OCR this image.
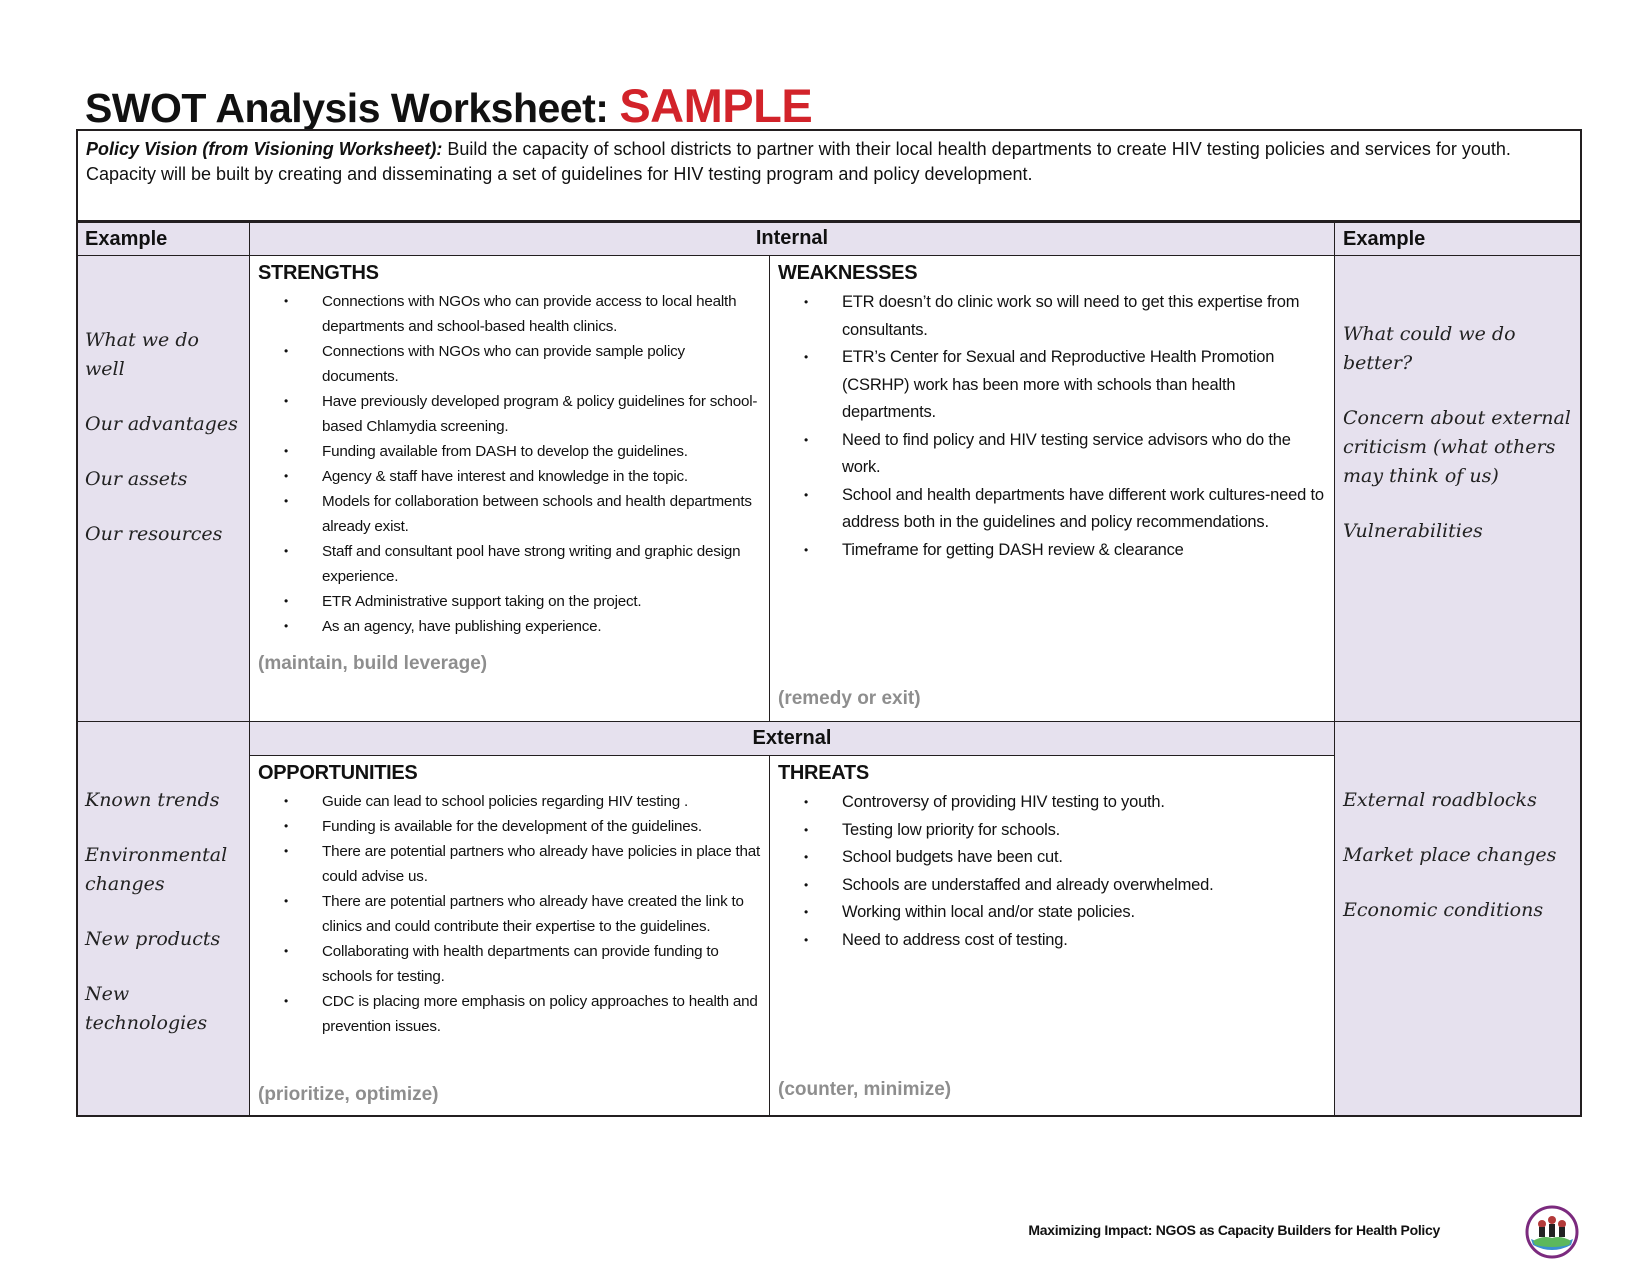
SWOT Analysis Worksheet: SAMPLE
Policy Vision (from Visioning Worksheet): Build the capacity of school districts to partner with their local health departments to create HIV testing policies and services for youth. Capacity will be built by creating and disseminating a set of guidelines for HIV testing program and policy development.
Example	Internal	Example

What we do well

Our advantages

Our assets

Our resources

STRENGTHS
• Connections with NGOs who can provide access to local health departments and school-based health clinics.
• Connections with NGOs who can provide sample policy documents.
• Have previously developed program & policy guidelines for school-based Chlamydia screening.
• Funding available from DASH to develop the guidelines.
• Agency & staff have interest and knowledge in the topic.
• Models for collaboration between schools and health departments already exist.
• Staff and consultant pool have strong writing and graphic design experience.
• ETR Administrative support taking on the project.
• As an agency, have publishing experience.
(maintain, build leverage)
WEAKNESSES
• ETR doesn’t do clinic work so will need to get this expertise from consultants.
• ETR’s Center for Sexual and Reproductive Health Promotion (CSRHP) work has been more with schools than health departments.
• Need to find policy and HIV testing service advisors who do the work.
• School and health departments have different work cultures-need to address both in the guidelines and policy recommendations.
• Timeframe for getting DASH review & clearance
(remedy or exit)

What could we do better?

Concern about external criticism (what others may think of us)

Vulnerabilities

Known trends

Environmental changes

New products

New technologies

External
OPPORTUNITIES
• Guide can lead to school policies regarding HIV testing .
• Funding is available for the development of the guidelines.
• There are potential partners who already have policies in place that could advise us.
• There are potential partners who already have created the link to clinics and could contribute their expertise to the guidelines.
• Collaborating with health departments can provide funding to schools for testing.
• CDC is placing more emphasis on policy approaches to health and prevention issues.
(prioritize, optimize)
THREATS
• Controversy of providing HIV testing to youth.
• Testing low priority for schools.
• School budgets have been cut.
• Schools are understaffed and already overwhelmed.
• Working within local and/or state policies.
• Need to address cost of testing.
(counter, minimize)

External roadblocks

Market place changes

Economic conditions

Maximizing Impact: NGOS as Capacity Builders for Health Policy
